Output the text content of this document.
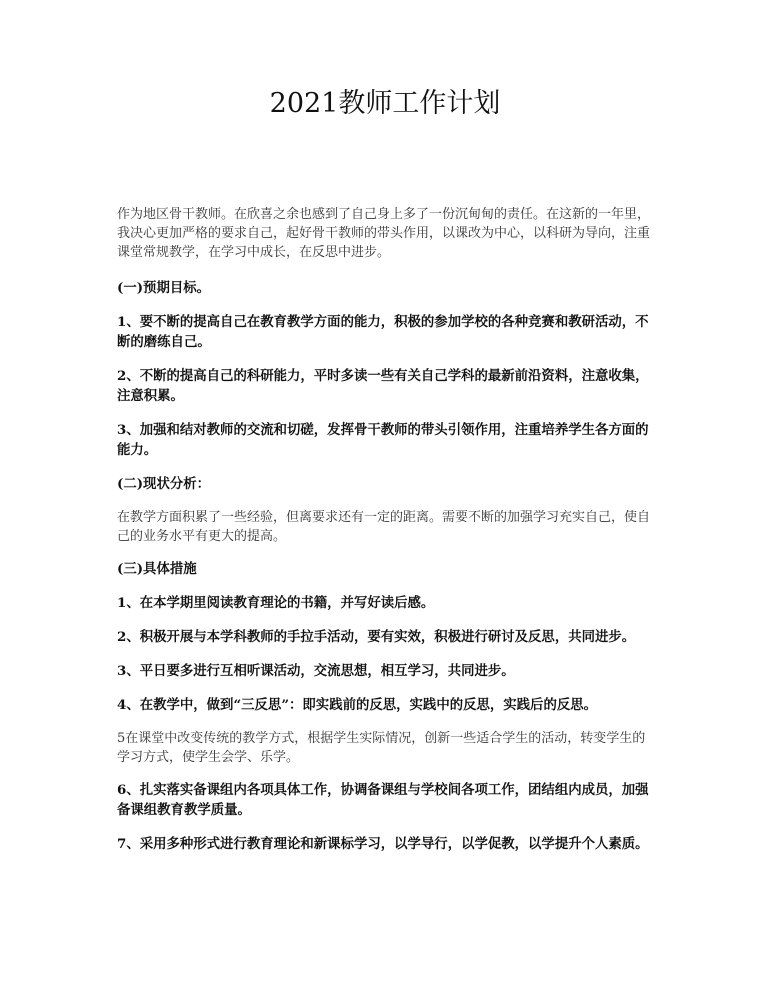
2021教师工作计划

作为地区骨干教师。在欣喜之余也感到了自己身上多了一份沉甸甸的责任。在这新的一年里，我决心更加严格的要求自己，起好骨干教师的带头作用，以课改为中心，以科研为导向，注重课堂常规教学，在学习中成长，在反思中进步。

(一)预期目标。

1、要不断的提高自己在教育教学方面的能力，积极的参加学校的各种竞赛和教研活动，不断的磨练自己。

2、不断的提高自己的科研能力，平时多读一些有关自己学科的最新前沿资料，注意收集，注意积累。

3、加强和结对教师的交流和切磋，发挥骨干教师的带头引领作用，注重培养学生各方面的能力。

(二)现状分析：

在教学方面积累了一些经验，但离要求还有一定的距离。需要不断的加强学习充实自己，使自己的业务水平有更大的提高。

(三)具体措施

1、在本学期里阅读教育理论的书籍，并写好读后感。

2、积极开展与本学科教师的手拉手活动，要有实效，积极进行研讨及反思，共同进步。

3、平日要多进行互相听课活动，交流思想，相互学习，共同进步。

4、在教学中，做到“三反思”：即实践前的反思，实践中的反思，实践后的反思。

5在课堂中改变传统的教学方式，根据学生实际情况，创新一些适合学生的活动，转变学生的学习方式，使学生会学、乐学。

6、扎实落实备课组内各项具体工作，协调备课组与学校间各项工作，团结组内成员，加强备课组教育教学质量。

7、采用多种形式进行教育理论和新课标学习，以学导行，以学促教，以学提升个人素质。
